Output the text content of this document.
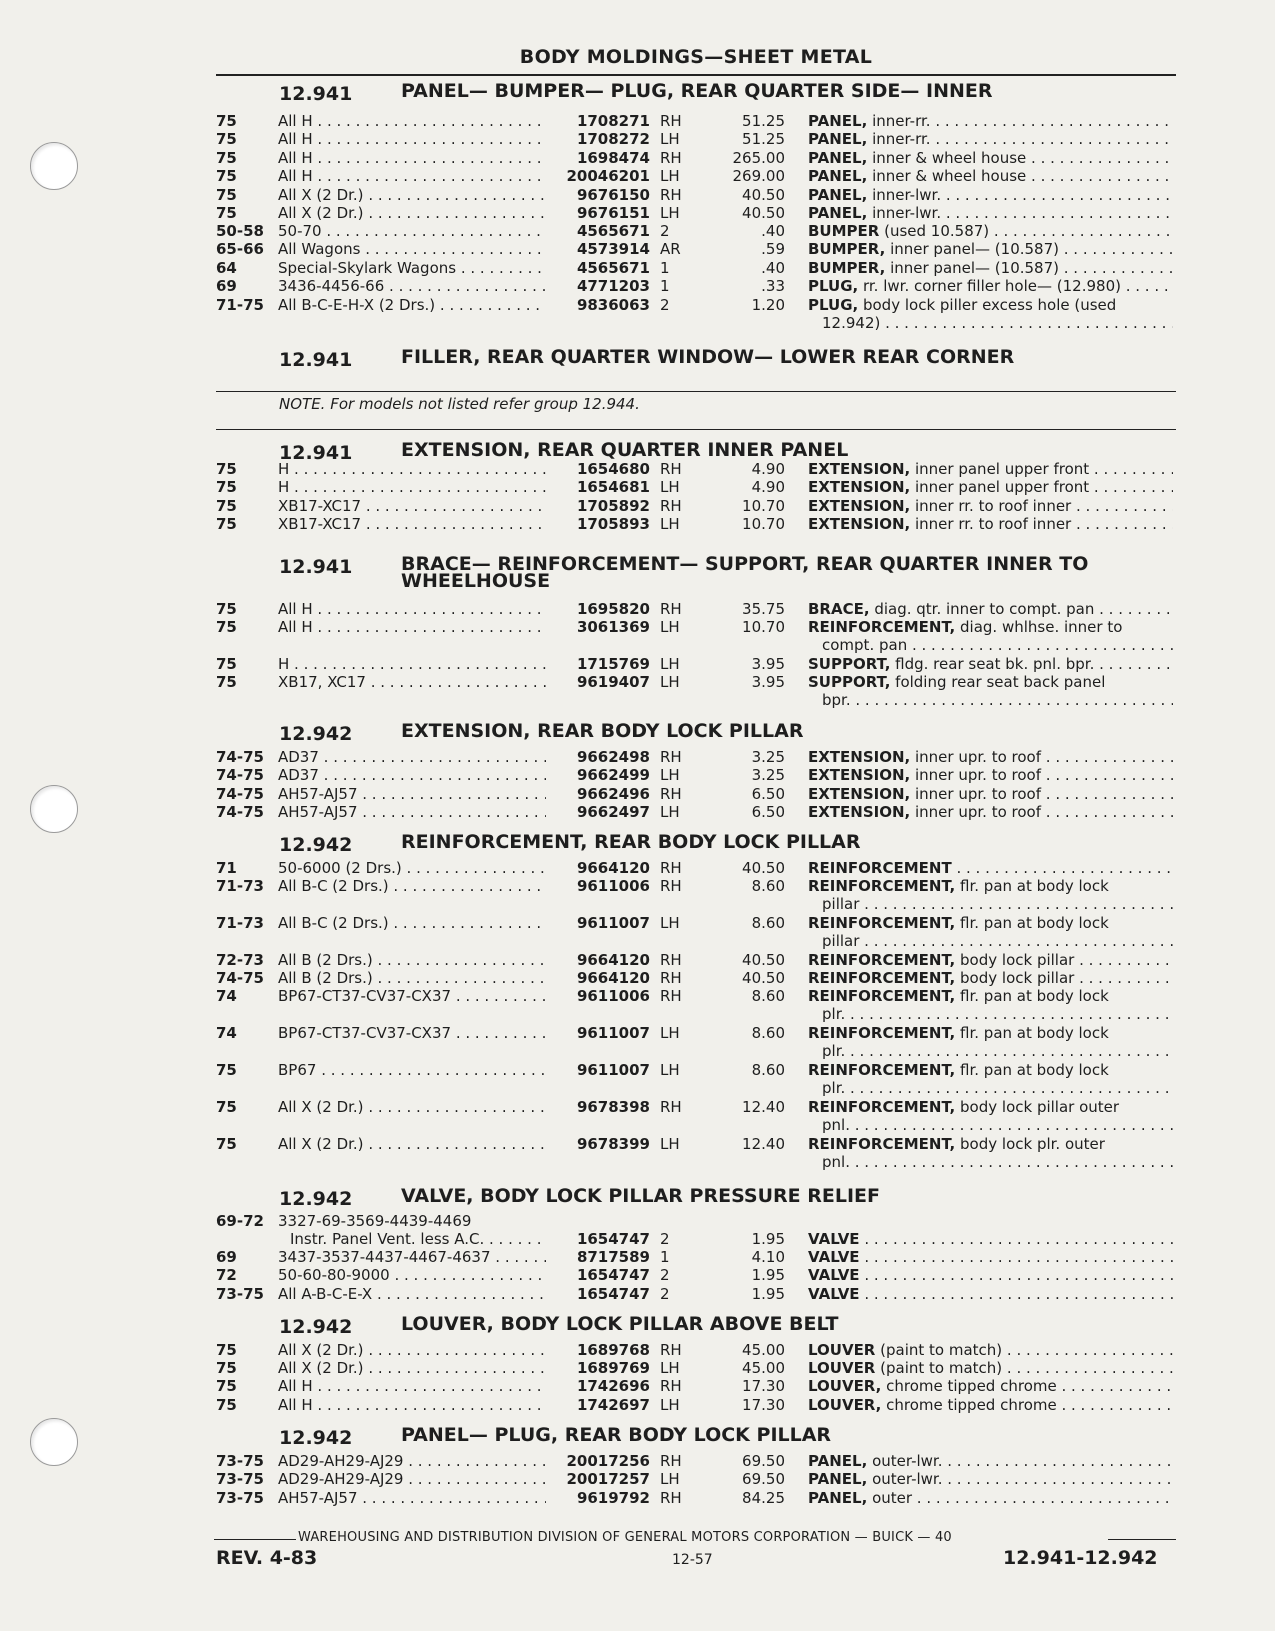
BODY MOLDINGS—SHEET METAL
12.941	PANEL— BUMPER— PLUG, REAR QUARTER SIDE— INNER
12.941	FILLER, REAR QUARTER WINDOW— LOWER REAR CORNER
NOTE. For models not listed refer group 12.944.
12.941	EXTENSION, REAR QUARTER INNER PANEL
12.941	BRACE— REINFORCEMENT— SUPPORT, REAR QUARTER INNER TO WHEELHOUSE
12.942	EXTENSION, REAR BODY LOCK PILLAR
12.942	REINFORCEMENT, REAR BODY LOCK PILLAR
12.942	VALVE, BODY LOCK PILLAR PRESSURE RELIEF
12.942	LOUVER, BODY LOCK PILLAR ABOVE BELT
12.942	PANEL— PLUG, REAR BODY LOCK PILLAR
75	All H . . .	1708271 RH	51.25 PANEL, inner-rr. . . .
75	All H . . .	1708272 LH	51.25 PANEL, inner-rr. . . .
75	All H . . .	1698474 RH	265.00 PANEL, inner & wheel house . . .
75	All H . . .	20046201 LH	269.00 PANEL, inner & wheel house . . .
75	All X (2 Dr.) . . .	9676150 RH	40.50 PANEL, inner-lwr. . . .
75	All X (2 Dr.) . . .	9676151 LH	40.50 PANEL, inner-lwr. . . .
50-58 50-70 . . .	4565671 2	.40 BUMPER (used 10.587) . . .
65-66 All Wagons . . .	4573914 AR	.59 BUMPER, inner panel— (10.587) . . .
64	Special-Skylark Wagons . . .	4565671 1	.40 BUMPER, inner panel— (10.587) . . .
69	3436-4456-66 . . .	4771203 1	.33 PLUG, rr. lwr. corner filler hole— (12.980) . . .
71-75 All B-C-E-H-X (2 Drs.) . . .	9836063 2	1.20 PLUG, body lock piller excess hole (used
12.942) . . .
75	H . . .	1654680 RH	4.90 EXTENSION, inner panel upper front . . .
75	H . . .	1654681 LH	4.90 EXTENSION, inner panel upper front . . .
75	XB17-XC17 . . .	1705892 RH	10.70 EXTENSION, inner rr. to roof inner . . .
75	XB17-XC17 . . .	1705893 LH	10.70 EXTENSION, inner rr. to roof inner . . .
75	All H . . .	1695820 RH	35.75 BRACE, diag. qtr. inner to compt. pan . . .
75	All H . . .	3061369 LH	10.70 REINFORCEMENT, diag. whlhse. inner to
compt. pan . . .
75	H . . .	1715769 LH	3.95 SUPPORT, fldg. rear seat bk. pnl. bpr. . . .
75	XB17, XC17 . . .	9619407 LH	3.95 SUPPORT, folding rear seat back panel
bpr. . . .
74-75 AD37 . . .	9662498 RH	3.25 EXTENSION, inner upr. to roof . . .
74-75 AD37 . . .	9662499 LH	3.25 EXTENSION, inner upr. to roof . . .
74-75 AH57-AJ57 . . .	9662496 RH	6.50 EXTENSION, inner upr. to roof . . .
74-75 AH57-AJ57 . . .	9662497 LH	6.50 EXTENSION, inner upr. to roof . . .
71	50-6000 (2 Drs.) . . .	9664120 RH	40.50 REINFORCEMENT . . .
71-73 All B-C (2 Drs.) . . .	9611006 RH	8.60 REINFORCEMENT, flr. pan at body lock
pillar . . .
71-73 All B-C (2 Drs.) . . .	9611007 LH	8.60 REINFORCEMENT, flr. pan at body lock
pillar . . .
72-73 All B (2 Drs.) . . .	9664120 RH	40.50 REINFORCEMENT, body lock pillar . . .
74-75 All B (2 Drs.) . . .	9664120 RH	40.50 REINFORCEMENT, body lock pillar . . .
74	BP67-CT37-CV37-CX37 . . .	9611006 RH	8.60 REINFORCEMENT, flr. pan at body lock
plr. . . .
74	BP67-CT37-CV37-CX37 . . .	9611007 LH	8.60 REINFORCEMENT, flr. pan at body lock
plr. . . .
75	BP67 . . .	9611007 LH	8.60 REINFORCEMENT, flr. pan at body lock
plr. . . .
75	All X (2 Dr.) . . .	9678398 RH	12.40 REINFORCEMENT, body lock pillar outer
pnl. . . .
75	All X (2 Dr.) . . .	9678399 LH	12.40 REINFORCEMENT, body lock plr. outer
pnl. . . .
69-72 3327-69-3569-4439-4469
Instr. Panel Vent. less A.C. . . .	1654747 2	1.95 VALVE . . .
69	3437-3537-4437-4467-4637 . . .	8717589 1	4.10 VALVE . . .
72	50-60-80-9000 . . .	1654747 2	1.95 VALVE . . .
73-75 All A-B-C-E-X . . .	1654747 2	1.95 VALVE . . .
75	All X (2 Dr.) . . .	1689768 RH	45.00 LOUVER (paint to match) . . .
75	All X (2 Dr.) . . .	1689769 LH	45.00 LOUVER (paint to match) . . .
75	All H . . .	1742696 RH	17.30 LOUVER, chrome tipped chrome . . .
75	All H . . .	1742697 LH	17.30 LOUVER, chrome tipped chrome . . .
73-75 AD29-AH29-AJ29 . . .	20017256 RH	69.50 PANEL, outer-lwr. . . .
73-75 AD29-AH29-AJ29 . . .	20017257 LH	69.50 PANEL, outer-lwr. . . .
73-75 AH57-AJ57 . . .	9619792 RH	84.25 PANEL, outer . . .
WAREHOUSING AND DISTRIBUTION DIVISION OF GENERAL MOTORS CORPORATION — BUICK — 40
REV. 4-83	12-57	12.941-12.942
